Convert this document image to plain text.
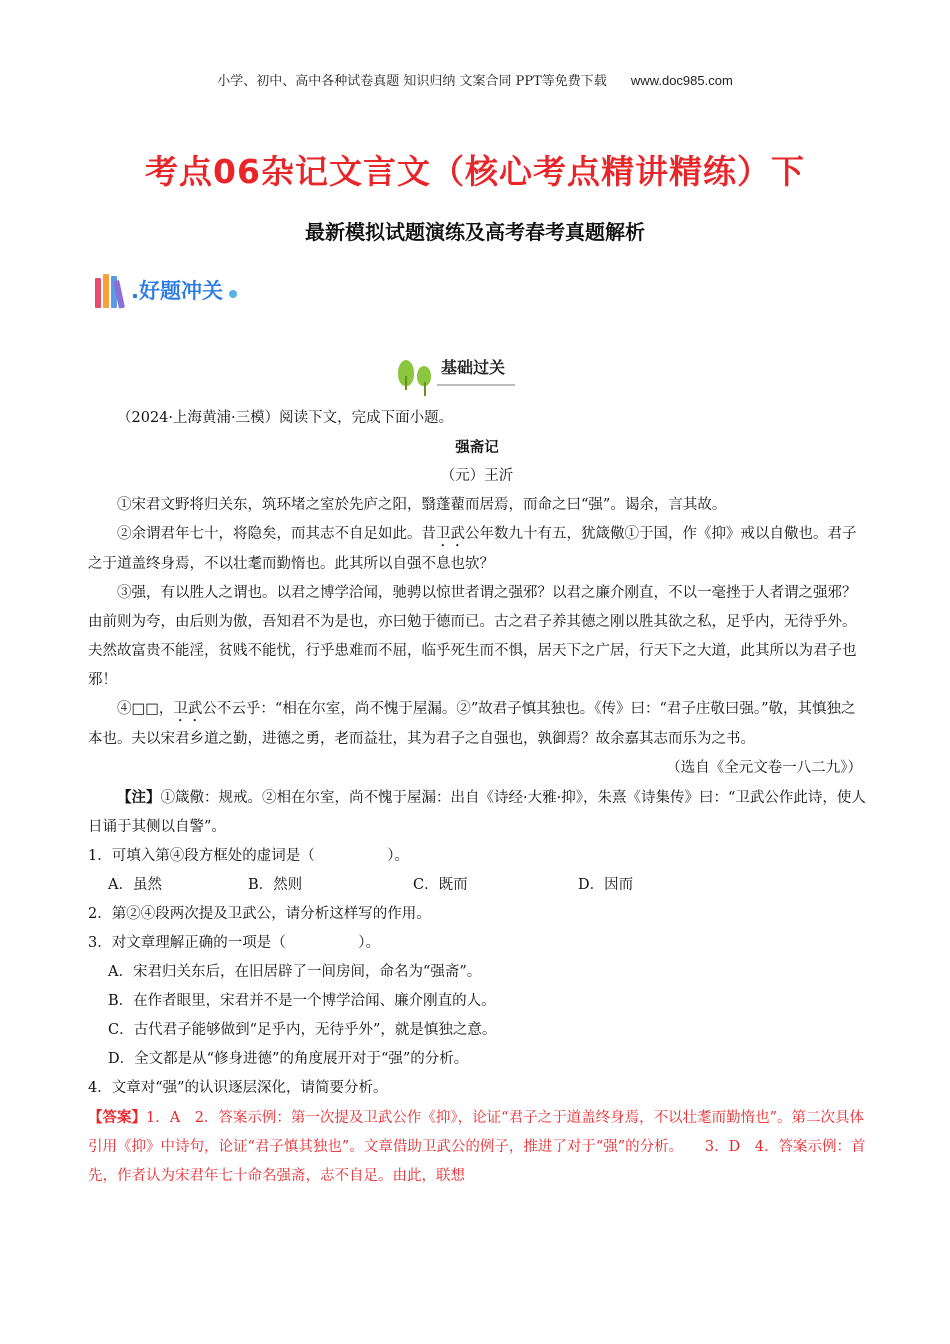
小学、初中、高中各种试卷真题 知识归纳 文案合同 PPT等免费下载 www.doc985.com
考点06杂记文言文（核心考点精讲精练）下
最新模拟试题演练及高考春考真题解析
.好题冲关
基础过关

（2024·上海黄浦·三模）阅读下文，完成下面小题。

强斋记

（元）王沂

①宋君文野将归关东，筑环堵之室於先庐之阳，翳蓬藋而居焉，而命之曰“强”。谒余，言其故。

②余谓君年七十，将隐矣，而其志不自足如此。昔卫武公年数九十有五，犹箴儆①于国，作《抑》戒以自儆也。君子之于道盖终身焉，不以壮耄而勤惰也。此其所以自强不息也欤？

③强，有以胜人之谓也。以君之博学洽闻，驰骋以惊世者谓之强邪？以君之廉介刚直，不以一毫挫于人者谓之强邪？由前则为夸，由后则为傲，吾知君不为是也，亦曰勉于德而已。古之君子养其德之刚以胜其欲之私，足乎内，无待乎外。夫然故富贵不能淫，贫贱不能忧，行乎患难而不屈，临乎死生而不惧，居天下之广居，行天下之大道，此其所以为君子也邪！

④□□，卫武公不云乎：“相在尔室，尚不愧于屋漏。②”故君子慎其独也。《传》曰：“君子庄敬曰强。”敬，其慎独之本也。夫以宋君乡道之勤，进德之勇，老而益壮，其为君子之自强也，孰御焉？故余嘉其志而乐为之书。

（选自《全元文卷一八二九》）

【注】①箴儆：规戒。②相在尔室，尚不愧于屋漏：出自《诗经·大雅·抑》，朱熹《诗集传》曰：“卫武公作此诗，使人日诵于其侧以自警”。

1．可填入第④段方框处的虚词是（　　　　　）。

A．虽然	B．然则	C．既而	D．因而

2．第②④段两次提及卫武公，请分析这样写的作用。

3．对文章理解正确的一项是（　　　　　）。

A．宋君归关东后，在旧居辟了一间房间，命名为“强斋”。

B．在作者眼里，宋君并不是一个博学洽闻、廉介刚直的人。

C．古代君子能够做到“足乎内，无待乎外”，就是慎独之意。

D．全文都是从“修身进德”的角度展开对于“强”的分析。

4．文章对“强”的认识逐层深化，请简要分析。

【答案】1．A　2．答案示例：第一次提及卫武公作《抑》，论证“君子之于道盖终身焉，不以壮耄而勤惰也”。第二次具体引用《抑》中诗句，论证“君子慎其独也”。文章借助卫武公的例子，推进了对于“强”的分析。　　3．D　4．答案示例：首先，作者认为宋君年七十命名强斋，志不自足。由此，联想
